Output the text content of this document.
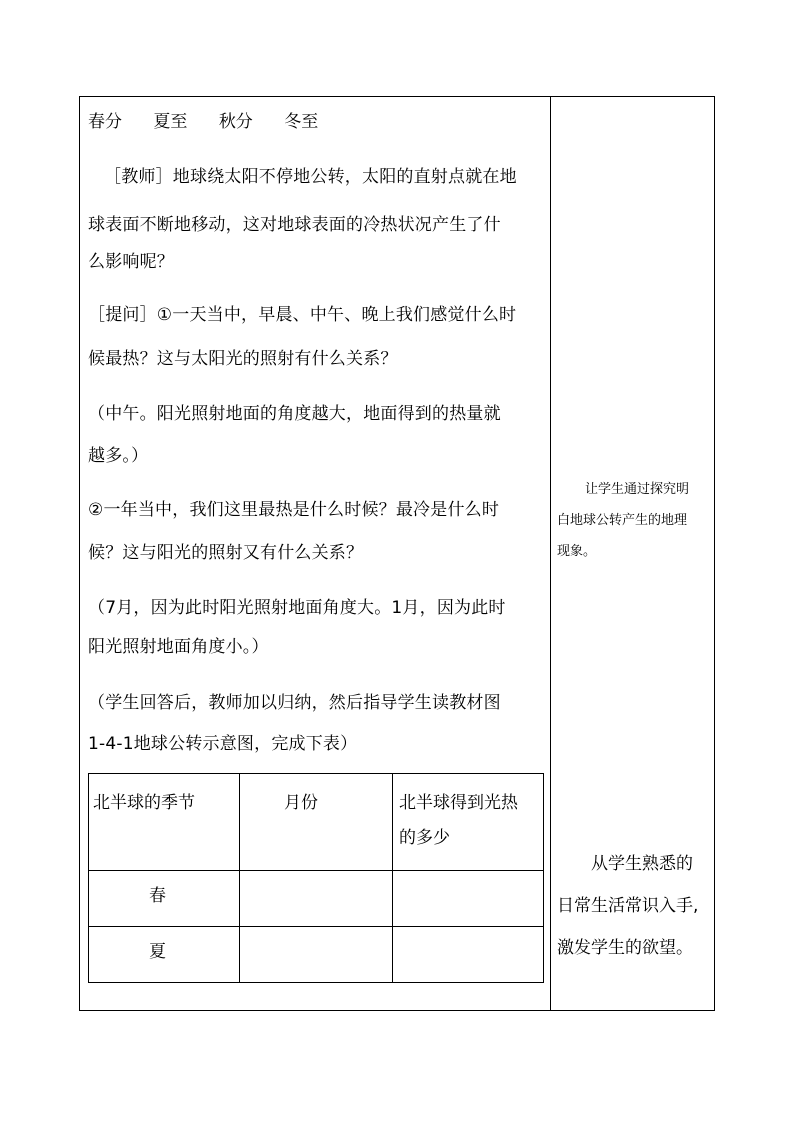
春分 夏至 秋分 冬至
［教师］地球绕太阳不停地公转，太阳的直射点就在地
球表面不断地移动，这对地球表面的冷热状况产生了什
么影响呢？
［提问］①一天当中，早晨、中午、晚上我们感觉什么时
候最热？这与太阳光的照射有什么关系？
（中午。阳光照射地面的角度越大，地面得到的热量就
越多。）
②一年当中，我们这里最热是什么时候？最冷是什么时
候？这与阳光的照射又有什么关系？
（7月，因为此时阳光照射地面角度大。1月，因为此时
阳光照射地面角度小。）
（学生回答后，教师加以归纳，然后指导学生读教材图
1-4-1地球公转示意图，完成下表）
北半球的季节	月份	北半球得到光热
的多少

春		

夏		

让学生通过探究明
白地球公转产生的地理
现象。
从学生熟悉的
日常生活常识入手,
激发学生的欲望。
